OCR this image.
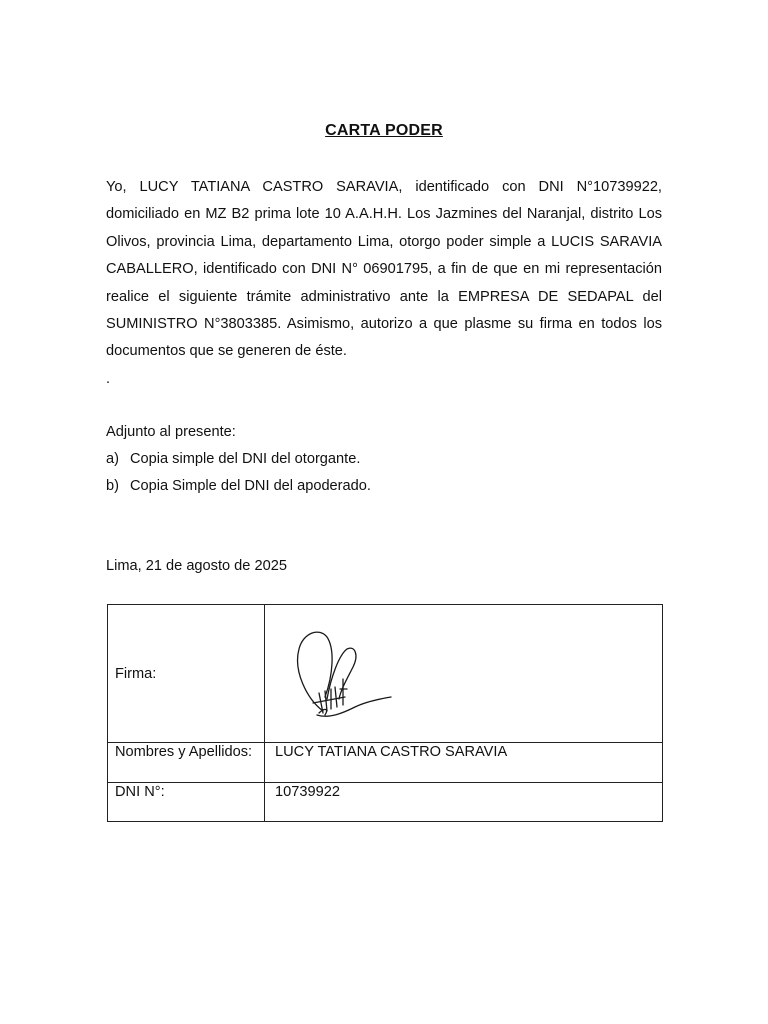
CARTA PODER

Yo, LUCY TATIANA CASTRO SARAVIA, identificado con DNI N°10739922, domiciliado en MZ B2 prima lote 10 A.A.H.H. Los Jazmines del Naranjal, distrito Los Olivos, provincia Lima, departamento Lima, otorgo poder simple a LUCIS SARAVIA CABALLERO, identificado con DNI N° 06901795, a fin de que en mi representación realice el siguiente trámite administrativo ante la EMPRESA DE SEDAPAL del SUMINISTRO N°3803385. Asimismo, autorizo a que plasme su firma en todos los documentos que se generen de éste.

.
Adjunto al presente:
a) Copia simple del DNI del otorgante.
b) Copia Simple del DNI del apoderado.
Lima, 21 de agosto de 2025
Firma:	

Nombres y Apellidos:	LUCY TATIANA CASTRO SARAVIA
DNI N°:	10739922
